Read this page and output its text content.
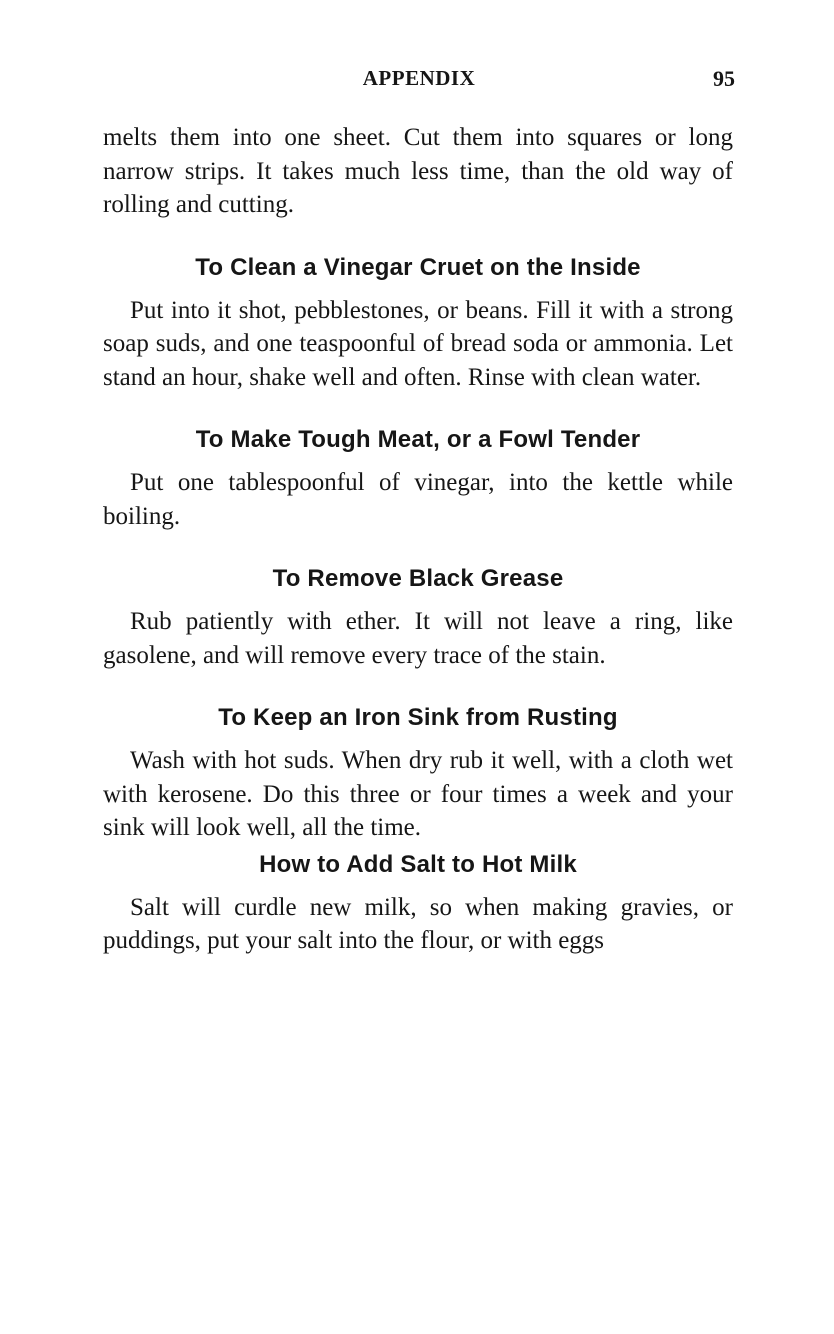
APPENDIX	95

melts them into one sheet. Cut them into squares or long narrow strips. It takes much less time, than the old way of rolling and cutting.

To Clean a Vinegar Cruet on the Inside

Put into it shot, pebblestones, or beans. Fill it with a strong soap suds, and one teaspoonful of bread soda or ammonia. Let stand an hour, shake well and often. Rinse with clean water.

To Make Tough Meat, or a Fowl Tender

Put one tablespoonful of vinegar, into the kettle while boiling.

To Remove Black Grease

Rub patiently with ether. It will not leave a ring, like gasolene, and will remove every trace of the stain.

To Keep an Iron Sink from Rusting

Wash with hot suds. When dry rub it well, with a cloth wet with kerosene. Do this three or four times a week and your sink will look well, all the time.

How to Add Salt to Hot Milk

Salt will curdle new milk, so when making gravies, or puddings, put your salt into the flour, or with eggs
